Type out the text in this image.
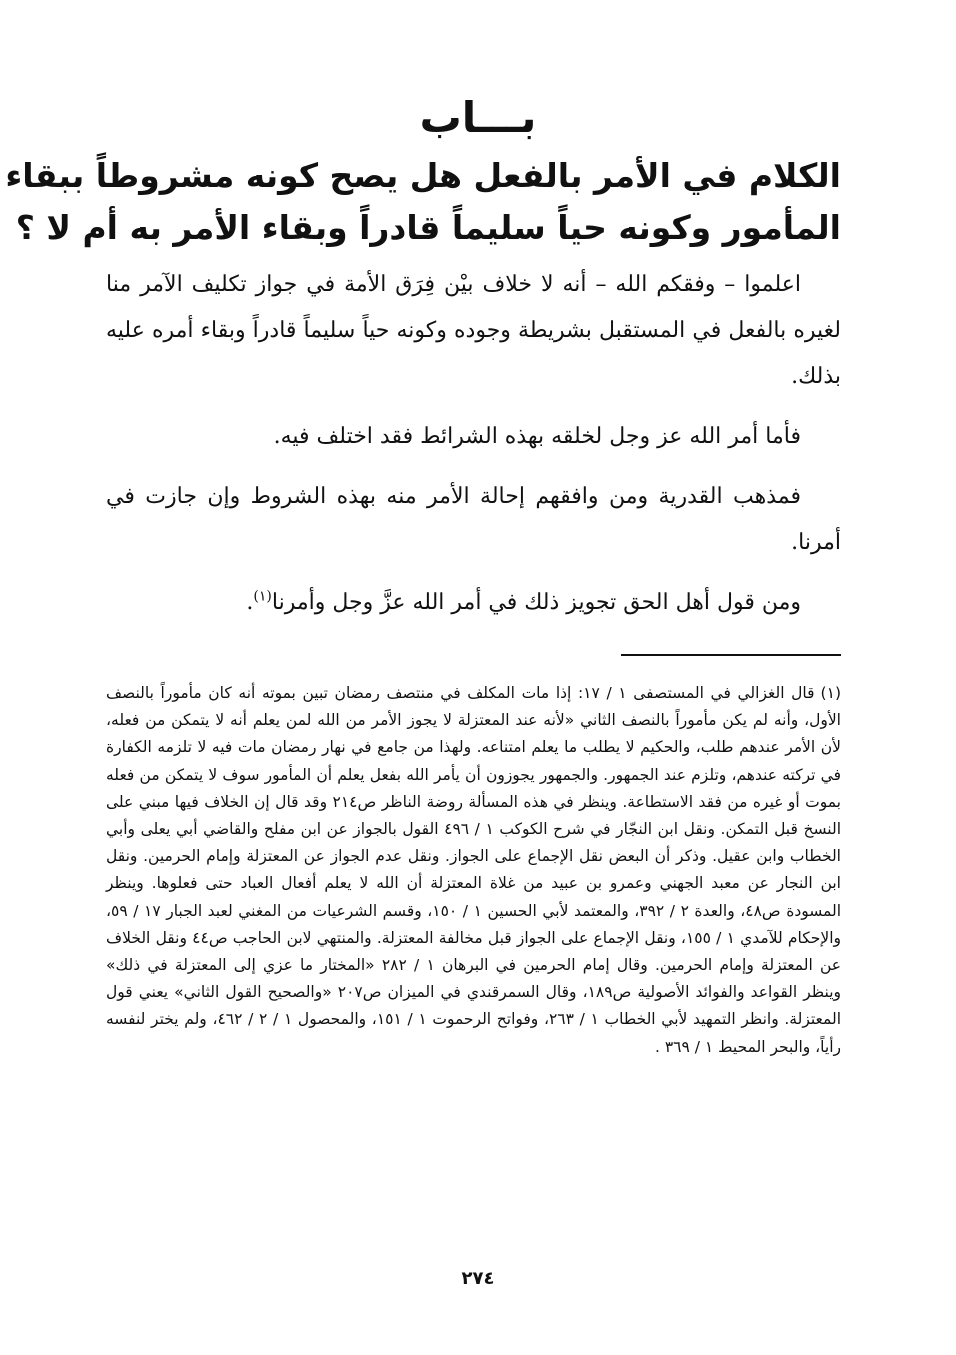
بـــاب
الكلام في الأمر بالفعل هل يصح كونه مشروطاً ببقاء
المأمور وكونه حياً سليماً قادراً وبقاء الأمر به أم لا ؟

اعلموا – وفقكم الله – أنه لا خلاف بيْن فِرَق الأمة في جواز تكليف الآمر منا لغيره بالفعل في المستقبل بشريطة وجوده وكونه حياً سليماً قادراً وبقاء أمره عليه بذلك.

فأما أمر الله عز وجل لخلقه بهذه الشرائط فقد اختلف فيه.

فمذهب القدرية ومن وافقهم إحالة الأمر منه بهذه الشروط وإن جازت في أمرنا.

ومن قول أهل الحق تجويز ذلك في أمر الله عزَّ وجل وأمرنا$^{(١)}$.

(١)قال الغزالي في المستصفى ١ / ١٧: إذا مات المكلف في منتصف رمضان تبين بموته أنه كان مأموراً بالنصف الأول، وأنه لم يكن مأموراً بالنصف الثاني «لأنه عند المعتزلة لا يجوز الأمر من الله لمن يعلم أنه لا يتمكن من فعله، لأن الأمر عندهم طلب، والحكيم لا يطلب ما يعلم امتناعه. ولهذا من جامع في نهار رمضان مات فيه لا تلزمه الكفارة في تركته عندهم، وتلزم عند الجمهور. والجمهور يجوزون أن يأمر الله بفعل يعلم أن المأمور سوف لا يتمكن من فعله بموت أو غيره من فقد الاستطاعة. وينظر في هذه المسألة روضة الناظر ص٢١٤ وقد قال إن الخلاف فيها مبني على النسخ قبل التمكن. ونقل ابن النجّار في شرح الكوكب ١ / ٤٩٦ القول بالجواز عن ابن مفلح والقاضي أبي يعلى وأبي الخطاب وابن عقيل. وذكر أن البعض نقل الإجماع على الجواز. ونقل عدم الجواز عن المعتزلة وإمام الحرمين. ونقل ابن النجار عن معبد الجهني وعمرو بن عبيد من غلاة المعتزلة أن الله لا يعلم أفعال العباد حتى فعلوها. وينظر المسودة ص٤٨، والعدة ٢ / ٣٩٢، والمعتمد لأبي الحسين ١ / ١٥٠، وقسم الشرعيات من المغني لعبد الجبار ١٧ / ٥٩، والإحكام للآمدي ١ / ١٥٥، ونقل الإجماع على الجواز قبل مخالفة المعتزلة. والمنتهي لابن الحاجب ص٤٤ ونقل الخلاف عن المعتزلة وإمام الحرمين. وقال إمام الحرمين في البرهان ١ / ٢٨٢ «المختار ما عزي إلى المعتزلة في ذلك» وينظر القواعد والفوائد الأصولية ص١٨٩، وقال السمرقندي في الميزان ص٢٠٧ «والصحيح القول الثاني» يعني قول المعتزلة. وانظر التمهيد لأبي الخطاب ١ / ٢٦٣، وفواتح الرحموت ١ / ١٥١، والمحصول ١ / ٢ / ٤٦٢، ولم يختر لنفسه رأياً، والبحر المحيط ١ / ٣٦٩ .
٢٧٤
